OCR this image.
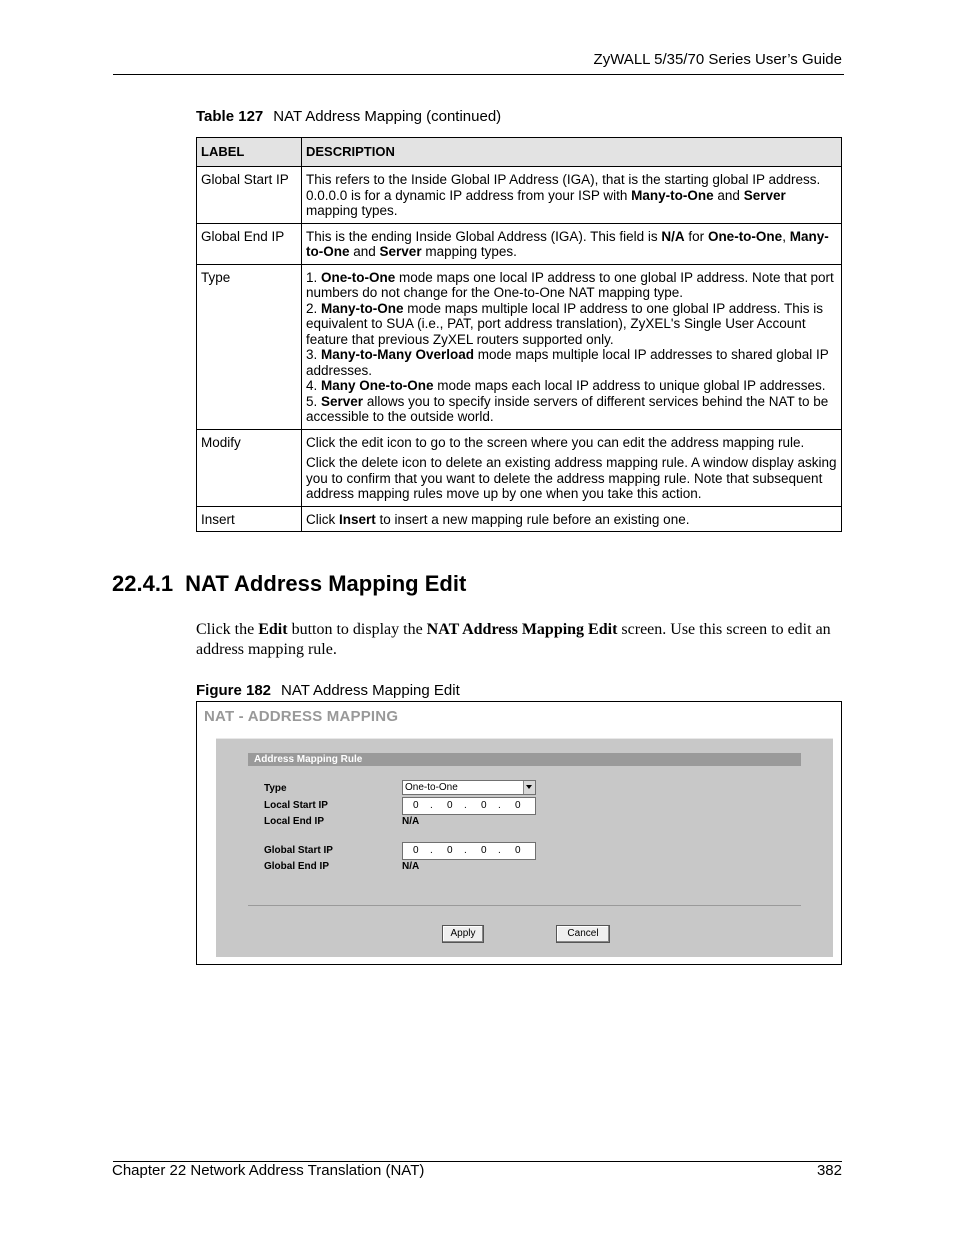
ZyWALL 5/35/70 Series User’s Guide
Table 127 NAT Address Mapping (continued)
LABEL	DESCRIPTION
Global Start IP	This refers to the Inside Global IP Address (IGA), that is the starting global IP address. 0.0.0.0 is for a dynamic IP address from your ISP with Many-to-One and Server mapping types.
Global End IP	This is the ending Inside Global Address (IGA). This field is N/A for One-to-One, Many-to-One and Server mapping types.
Type	1. One-to-One mode maps one local IP address to one global IP address. Note that port numbers do not change for the One-to-One NAT mapping type.
2. Many-to-One mode maps multiple local IP address to one global IP address. This is equivalent to SUA (i.e., PAT, port address translation), ZyXEL's Single User Account feature that previous ZyXEL routers supported only.
3. Many-to-Many Overload mode maps multiple local IP addresses to shared global IP addresses.
4. Many One-to-One mode maps each local IP address to unique global IP addresses.
5. Server allows you to specify inside servers of different services behind the NAT to be accessible to the outside world.

Modify	Click the edit icon to go to the screen where you can edit the address mapping rule.
Click the delete icon to delete an existing address mapping rule. A window display asking you to confirm that you want to delete the address mapping rule. Note that subsequent address mapping rules move up by one when you take this action.

Insert	Click Insert to insert a new mapping rule before an existing one.
22.4.1 NAT Address Mapping Edit
Click the Edit button to display the NAT Address Mapping Edit screen. Use this screen to edit an address mapping rule.
Figure 182 NAT Address Mapping Edit
NAT - ADDRESS MAPPING
Address Mapping Rule
Type	One-to-One
Local Start IP	0 . 0 . 0 . 0
Local End IP	N/A
Global Start IP	0 . 0 . 0 . 0
Global End IP	N/A
Apply	Cancel
Chapter 22 Network Address Translation (NAT)	382
